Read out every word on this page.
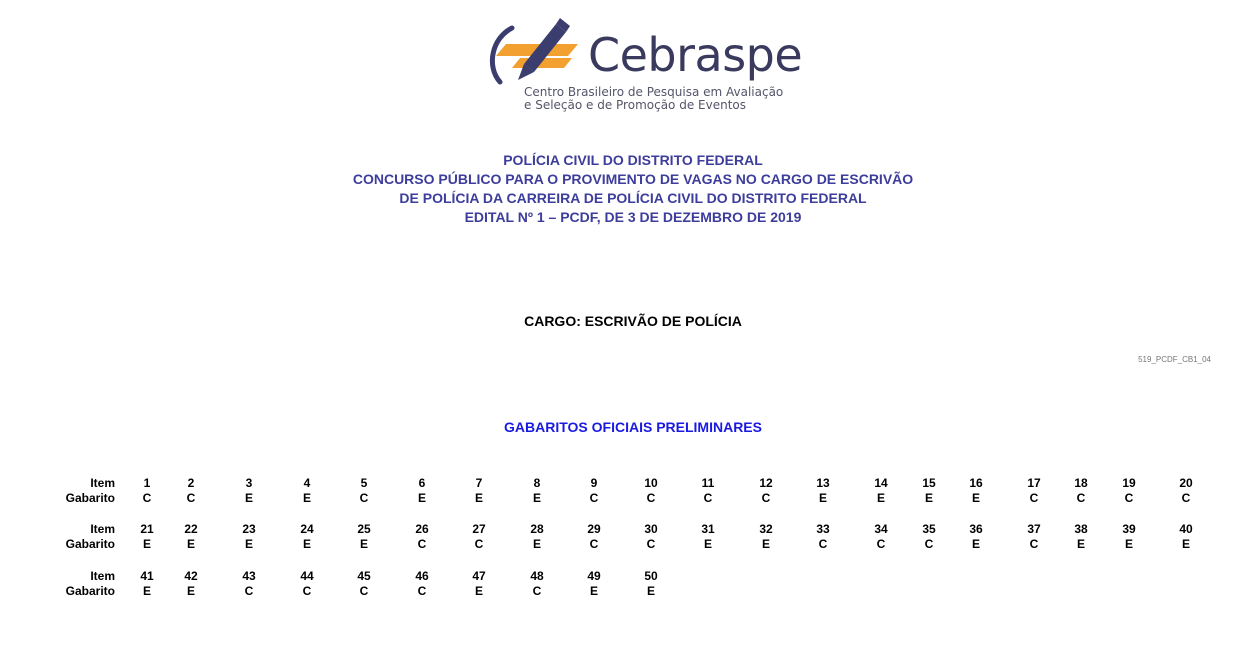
Cebraspe
Centro Brasileiro de Pesquisa em Avaliação
e Seleção e de Promoção de Eventos
POLÍCIA CIVIL DO DISTRITO FEDERAL
CONCURSO PÚBLICO PARA O PROVIMENTO DE VAGAS NO CARGO DE ESCRIVÃO
DE POLÍCIA DA CARREIRA DE POLÍCIA CIVIL DO DISTRITO FEDERAL
EDITAL Nº 1 – PCDF, DE 3 DE DEZEMBRO DE 2019
CARGO: ESCRIVÃO DE POLÍCIA
519_PCDF_CB1_04
GABARITOS OFICIAIS PRELIMINARES
Item
Gabarito
1
C
2
C
3
E
4
E
5
C
6
E
7
E
8
E
9
C
10
C
11
C
12
C
13
E
14
E
15
E
16
E
17
C
18
C
19
C
20
C
Item
Gabarito
21
E
22
E
23
E
24
E
25
E
26
C
27
C
28
E
29
C
30
C
31
E
32
E
33
C
34
C
35
C
36
E
37
C
38
E
39
E
40
E
Item
Gabarito
41
E
42
E
43
C
44
C
45
C
46
C
47
E
48
C
49
E
50
E
